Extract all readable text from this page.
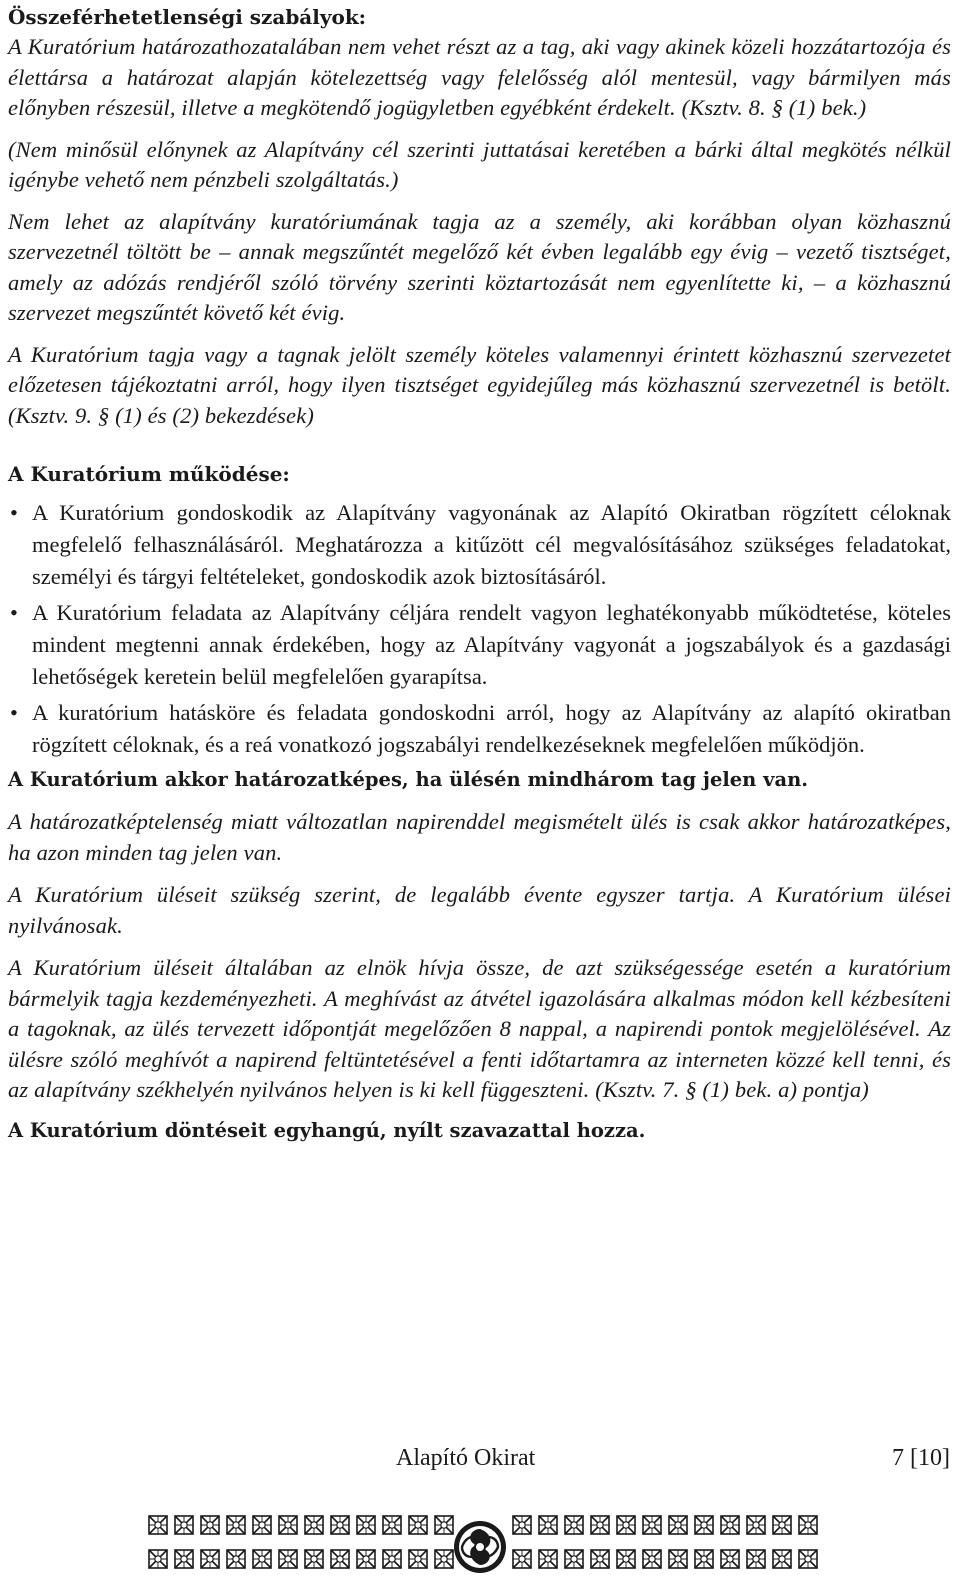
Összeférhetetlenségi szabályok:

A Kuratórium határozathozatalában nem vehet részt az a tag, aki vagy akinek közeli hozzátartozója és élettársa a határozat alapján kötelezettség vagy felelősség alól mentesül, vagy bármilyen más előnyben részesül, illetve a megkötendő jogügyletben egyébként érdekelt. (Ksztv. 8. § (1) bek.)

(Nem minősül előnynek az Alapítvány cél szerinti juttatásai keretében a bárki által megkötés nélkül igénybe vehető nem pénzbeli szolgáltatás.)

Nem lehet az alapítvány kuratóriumának tagja az a személy, aki korábban olyan közhasznú szervezetnél töltött be – annak megszűntét megelőző két évben legalább egy évig – vezető tisztséget, amely az adózás rendjéről szóló törvény szerinti köztartozását nem egyenlítette ki, – a közhasznú szervezet megszűntét követő két évig.

A Kuratórium tagja vagy a tagnak jelölt személy köteles valamennyi érintett közhasznú szervezetet előzetesen tájékoztatni arról, hogy ilyen tisztséget egyidejűleg más közhasznú szervezetnél is betölt. (Ksztv. 9. § (1) és (2) bekezdések)

A Kuratórium működése:
• A Kuratórium gondoskodik az Alapítvány vagyonának az Alapító Okiratban rögzített céloknak megfelelő felhasználásáról. Meghatározza a kitűzött cél megvalósításához szükséges feladatokat, személyi és tárgyi feltételeket, gondoskodik azok biztosításáról.
• A Kuratórium feladata az Alapítvány céljára rendelt vagyon leghatékonyabb működtetése, köteles mindent megtenni annak érdekében, hogy az Alapítvány vagyonát a jogszabályok és a gazdasági lehetőségek keretein belül megfelelően gyarapítsa.
• A kuratórium hatásköre és feladata gondoskodni arról, hogy az Alapítvány az alapító okiratban rögzített céloknak, és a reá vonatkozó jogszabályi rendelkezéseknek megfelelően működjön.
A Kuratórium akkor határozatképes, ha ülésén mindhárom tag jelen van.

A határozatképtelenség miatt változatlan napirenddel megismételt ülés is csak akkor határozatképes, ha azon minden tag jelen van.

A Kuratórium üléseit szükség szerint, de legalább évente egyszer tartja. A Kuratórium ülései nyilvánosak.

A Kuratórium üléseit általában az elnök hívja össze, de azt szükségessége esetén a kuratórium bármelyik tagja kezdeményezheti. A meghívást az átvétel igazolására alkalmas módon kell kézbesíteni a tagoknak, az ülés tervezett időpontját megelőzően 8 nappal, a napirendi pontok megjelölésével. Az ülésre szóló meghívót a napirend feltüntetésével a fenti időtartamra az interneten közzé kell tenni, és az alapítvány székhelyén nyilvános helyen is ki kell függeszteni. (Ksztv. 7. § (1) bek. a) pontja)

A Kuratórium döntéseit egyhangú, nyílt szavazattal hozza.
Alapító Okirat	7 [10]
